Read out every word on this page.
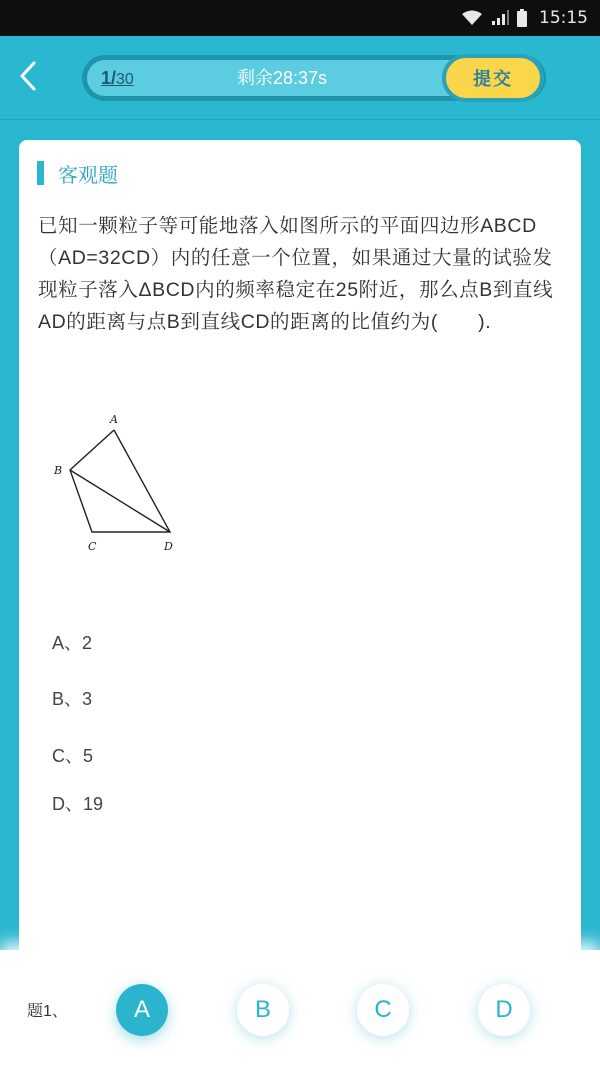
15:15
1/30	剩余28:37s	提交
客观题
已知一颗粒子等可能地落入如图所示的平面四边形ABCD（AD=32CD）内的任意一个位置，如果通过大量的试验发现粒子落入ΔBCD内的频率稳定在25附近，那么点B到直线AD的距离与点B到直线CD的距离的比值约为(　　).
A
B
C	D
A、2
B、3
C、5
D、19
题1、	A	B	C	D
